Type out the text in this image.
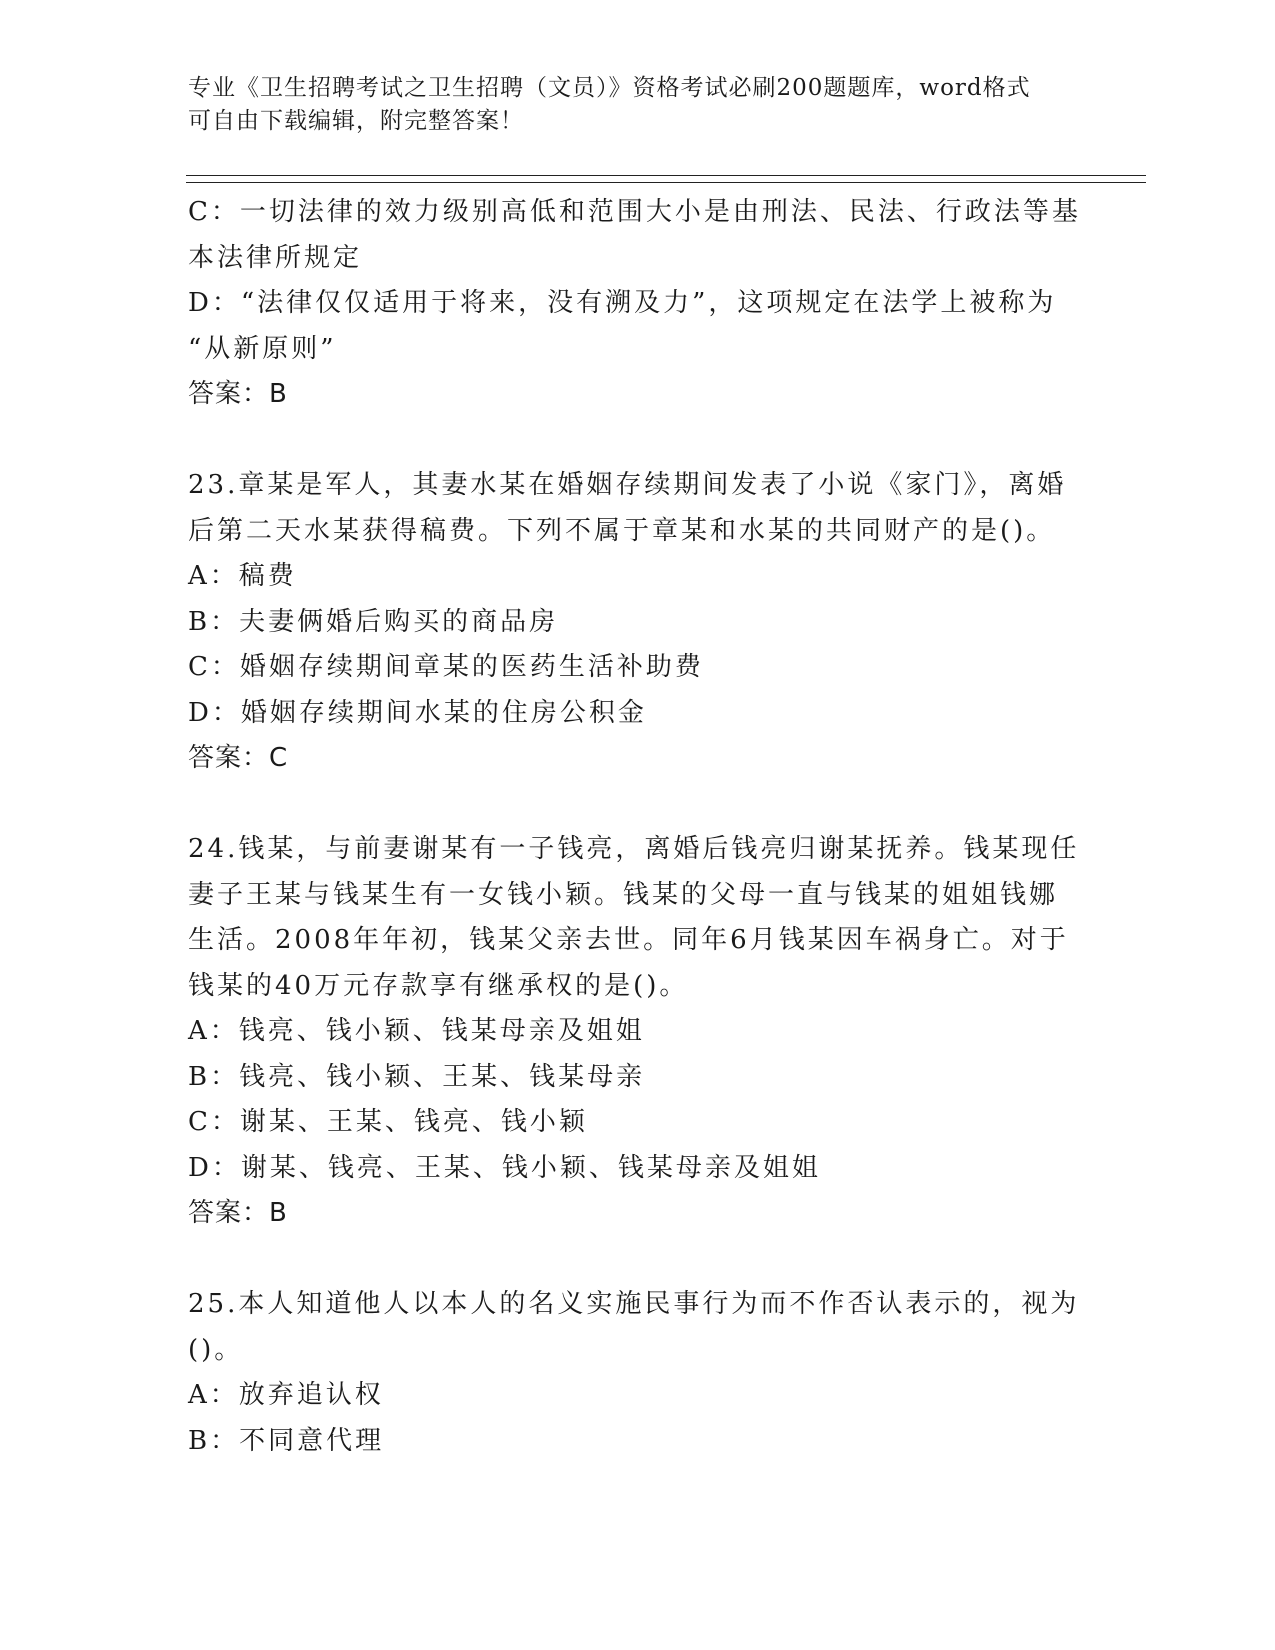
专业《卫生招聘考试之卫生招聘（文员）》资格考试必刷200题题库，word格式
可自由下载编辑，附完整答案！
C：一切法律的效力级别高低和范围大小是由刑法、民法、行政法等基
本法律所规定
D：“法律仅仅适用于将来，没有溯及力”，这项规定在法学上被称为
“从新原则”
答案：B
23.章某是军人，其妻水某在婚姻存续期间发表了小说《家门》，离婚
后第二天水某获得稿费。下列不属于章某和水某的共同财产的是()。
A：稿费
B：夫妻俩婚后购买的商品房
C：婚姻存续期间章某的医药生活补助费
D：婚姻存续期间水某的住房公积金
答案：C
24.钱某，与前妻谢某有一子钱亮，离婚后钱亮归谢某抚养。钱某现任
妻子王某与钱某生有一女钱小颖。钱某的父母一直与钱某的姐姐钱娜
生活。2008年年初，钱某父亲去世。同年6月钱某因车祸身亡。对于
钱某的40万元存款享有继承权的是()。
A：钱亮、钱小颖、钱某母亲及姐姐
B：钱亮、钱小颖、王某、钱某母亲
C：谢某、王某、钱亮、钱小颖
D：谢某、钱亮、王某、钱小颖、钱某母亲及姐姐
答案：B
25.本人知道他人以本人的名义实施民事行为而不作否认表示的，视为
()。
A：放弃追认权
B：不同意代理
